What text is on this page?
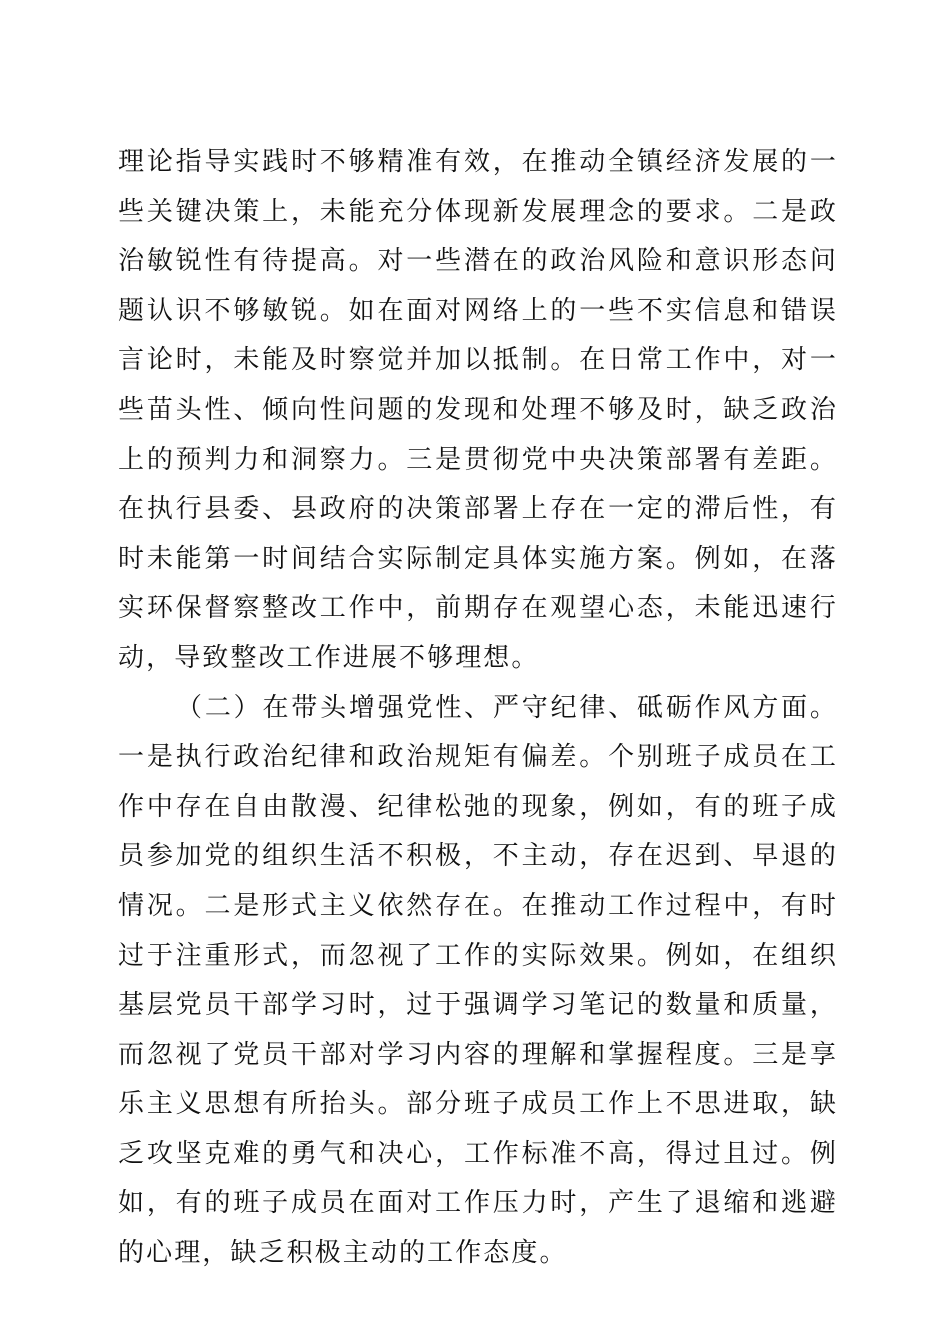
理论指导实践时不够精准有效，在推动全镇经济发展的一些关键决策上，未能充分体现新发展理念的要求。二是政治敏锐性有待提高。对一些潜在的政治风险和意识形态问题认识不够敏锐。如在面对网络上的一些不实信息和错误言论时，未能及时察觉并加以抵制。在日常工作中，对一些苗头性、倾向性问题的发现和处理不够及时，缺乏政治上的预判力和洞察力。三是贯彻党中央决策部署有差距。在执行县委、县政府的决策部署上存在一定的滞后性，有时未能第一时间结合实际制定具体实施方案。例如，在落实环保督察整改工作中，前期存在观望心态，未能迅速行动，导致整改工作进展不够理想。

（二）在带头增强党性、严守纪律、砥砺作风方面。一是执行政治纪律和政治规矩有偏差。个别班子成员在工作中存在自由散漫、纪律松弛的现象，例如，有的班子成员参加党的组织生活不积极，不主动，存在迟到、早退的情况。二是形式主义依然存在。在推动工作过程中，有时过于注重形式，而忽视了工作的实际效果。例如，在组织基层党员干部学习时，过于强调学习笔记的数量和质量，而忽视了党员干部对学习内容的理解和掌握程度。三是享乐主义思想有所抬头。部分班子成员工作上不思进取，缺乏攻坚克难的勇气和决心，工作标准不高，得过且过。例如，有的班子成员在面对工作压力时，产生了退缩和逃避的心理，缺乏积极主动的工作态度。
